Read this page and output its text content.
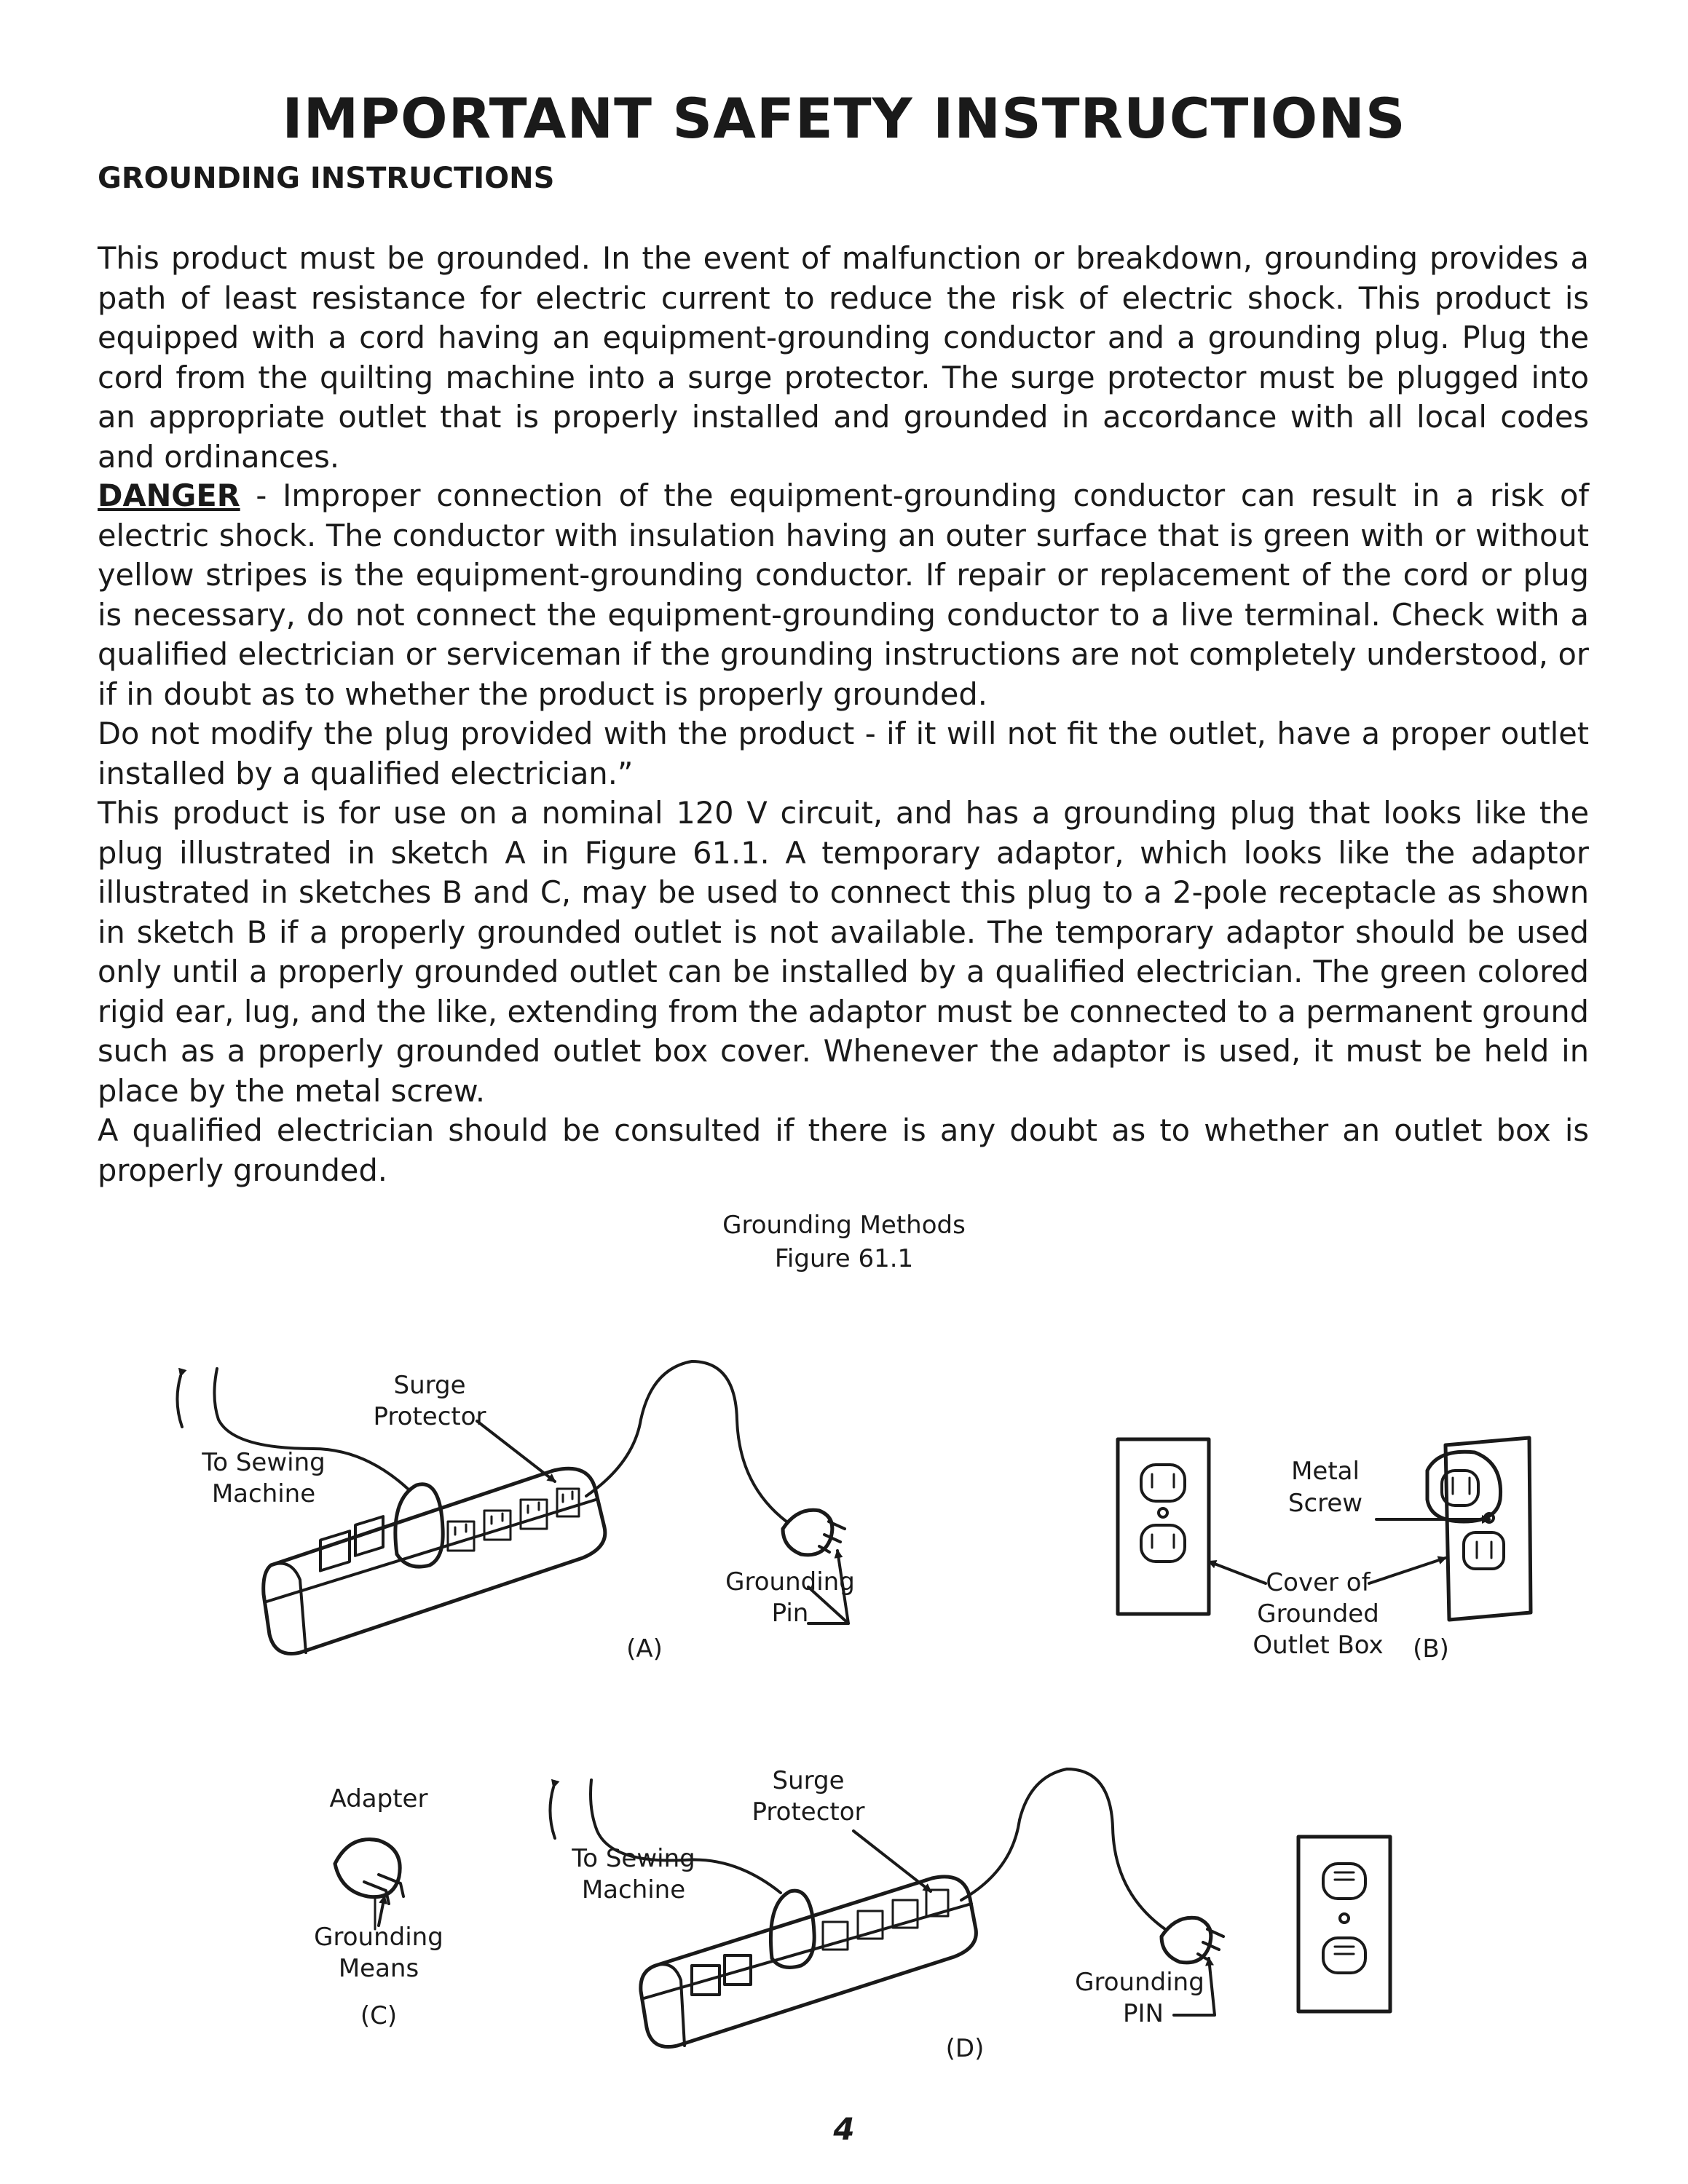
IMPORTANT SAFETY INSTRUCTIONS
GROUNDING INSTRUCTIONS

This product must be grounded. In the event of malfunction or breakdown, grounding provides a path of least resistance for electric current to reduce the risk of electric shock. This product is equipped with a cord having an equipment-grounding conductor and a grounding plug. Plug the cord from the quilting machine into a surge protector. The surge protector must be plugged into an appropriate outlet that is properly installed and grounded in accordance with all local codes and ordinances.

DANGER - Improper connection of the equipment-grounding conductor can result in a risk of electric shock. The conductor with insulation having an outer surface that is green with or without yellow stripes is the equipment-grounding conductor. If repair or replacement of the cord or plug is necessary, do not connect the equipment-grounding conductor to a live terminal. Check with a qualified electrician or serviceman if the grounding instructions are not completely understood, or if in doubt as to whether the product is properly grounded.

Do not modify the plug provided with the product - if it will not fit the outlet, have a proper outlet installed by a qualified electrician.”

This product is for use on a nominal 120 V circuit, and has a grounding plug that looks like the plug illustrated in sketch A in Figure 61.1. A temporary adaptor, which looks like the adaptor illustrated in sketches B and C, may be used to connect this plug to a 2-pole receptacle as shown in sketch B if a properly grounded outlet is not available. The temporary adaptor should be used only until a properly grounded outlet can be installed by a qualified electrician. The green colored rigid ear, lug, and the like, extending from the adaptor must be connected to a permanent ground such as a properly grounded outlet box cover. Whenever the adaptor is used, it must be held in place by the metal screw.

A qualified electrician should be consulted if there is any doubt as to whether an outlet box is properly grounded.

Grounding Methods
Figure 61.1
Surge
Protector
To Sewing
Machine
Grounding
Pin
(A)
Metal
Screw
Cover of
Grounded
Outlet Box	(B)
Adapter
Grounding
Means
(C)
Surge
Protector
To Sewing
Machine
Grounding
PIN
(D)
4
